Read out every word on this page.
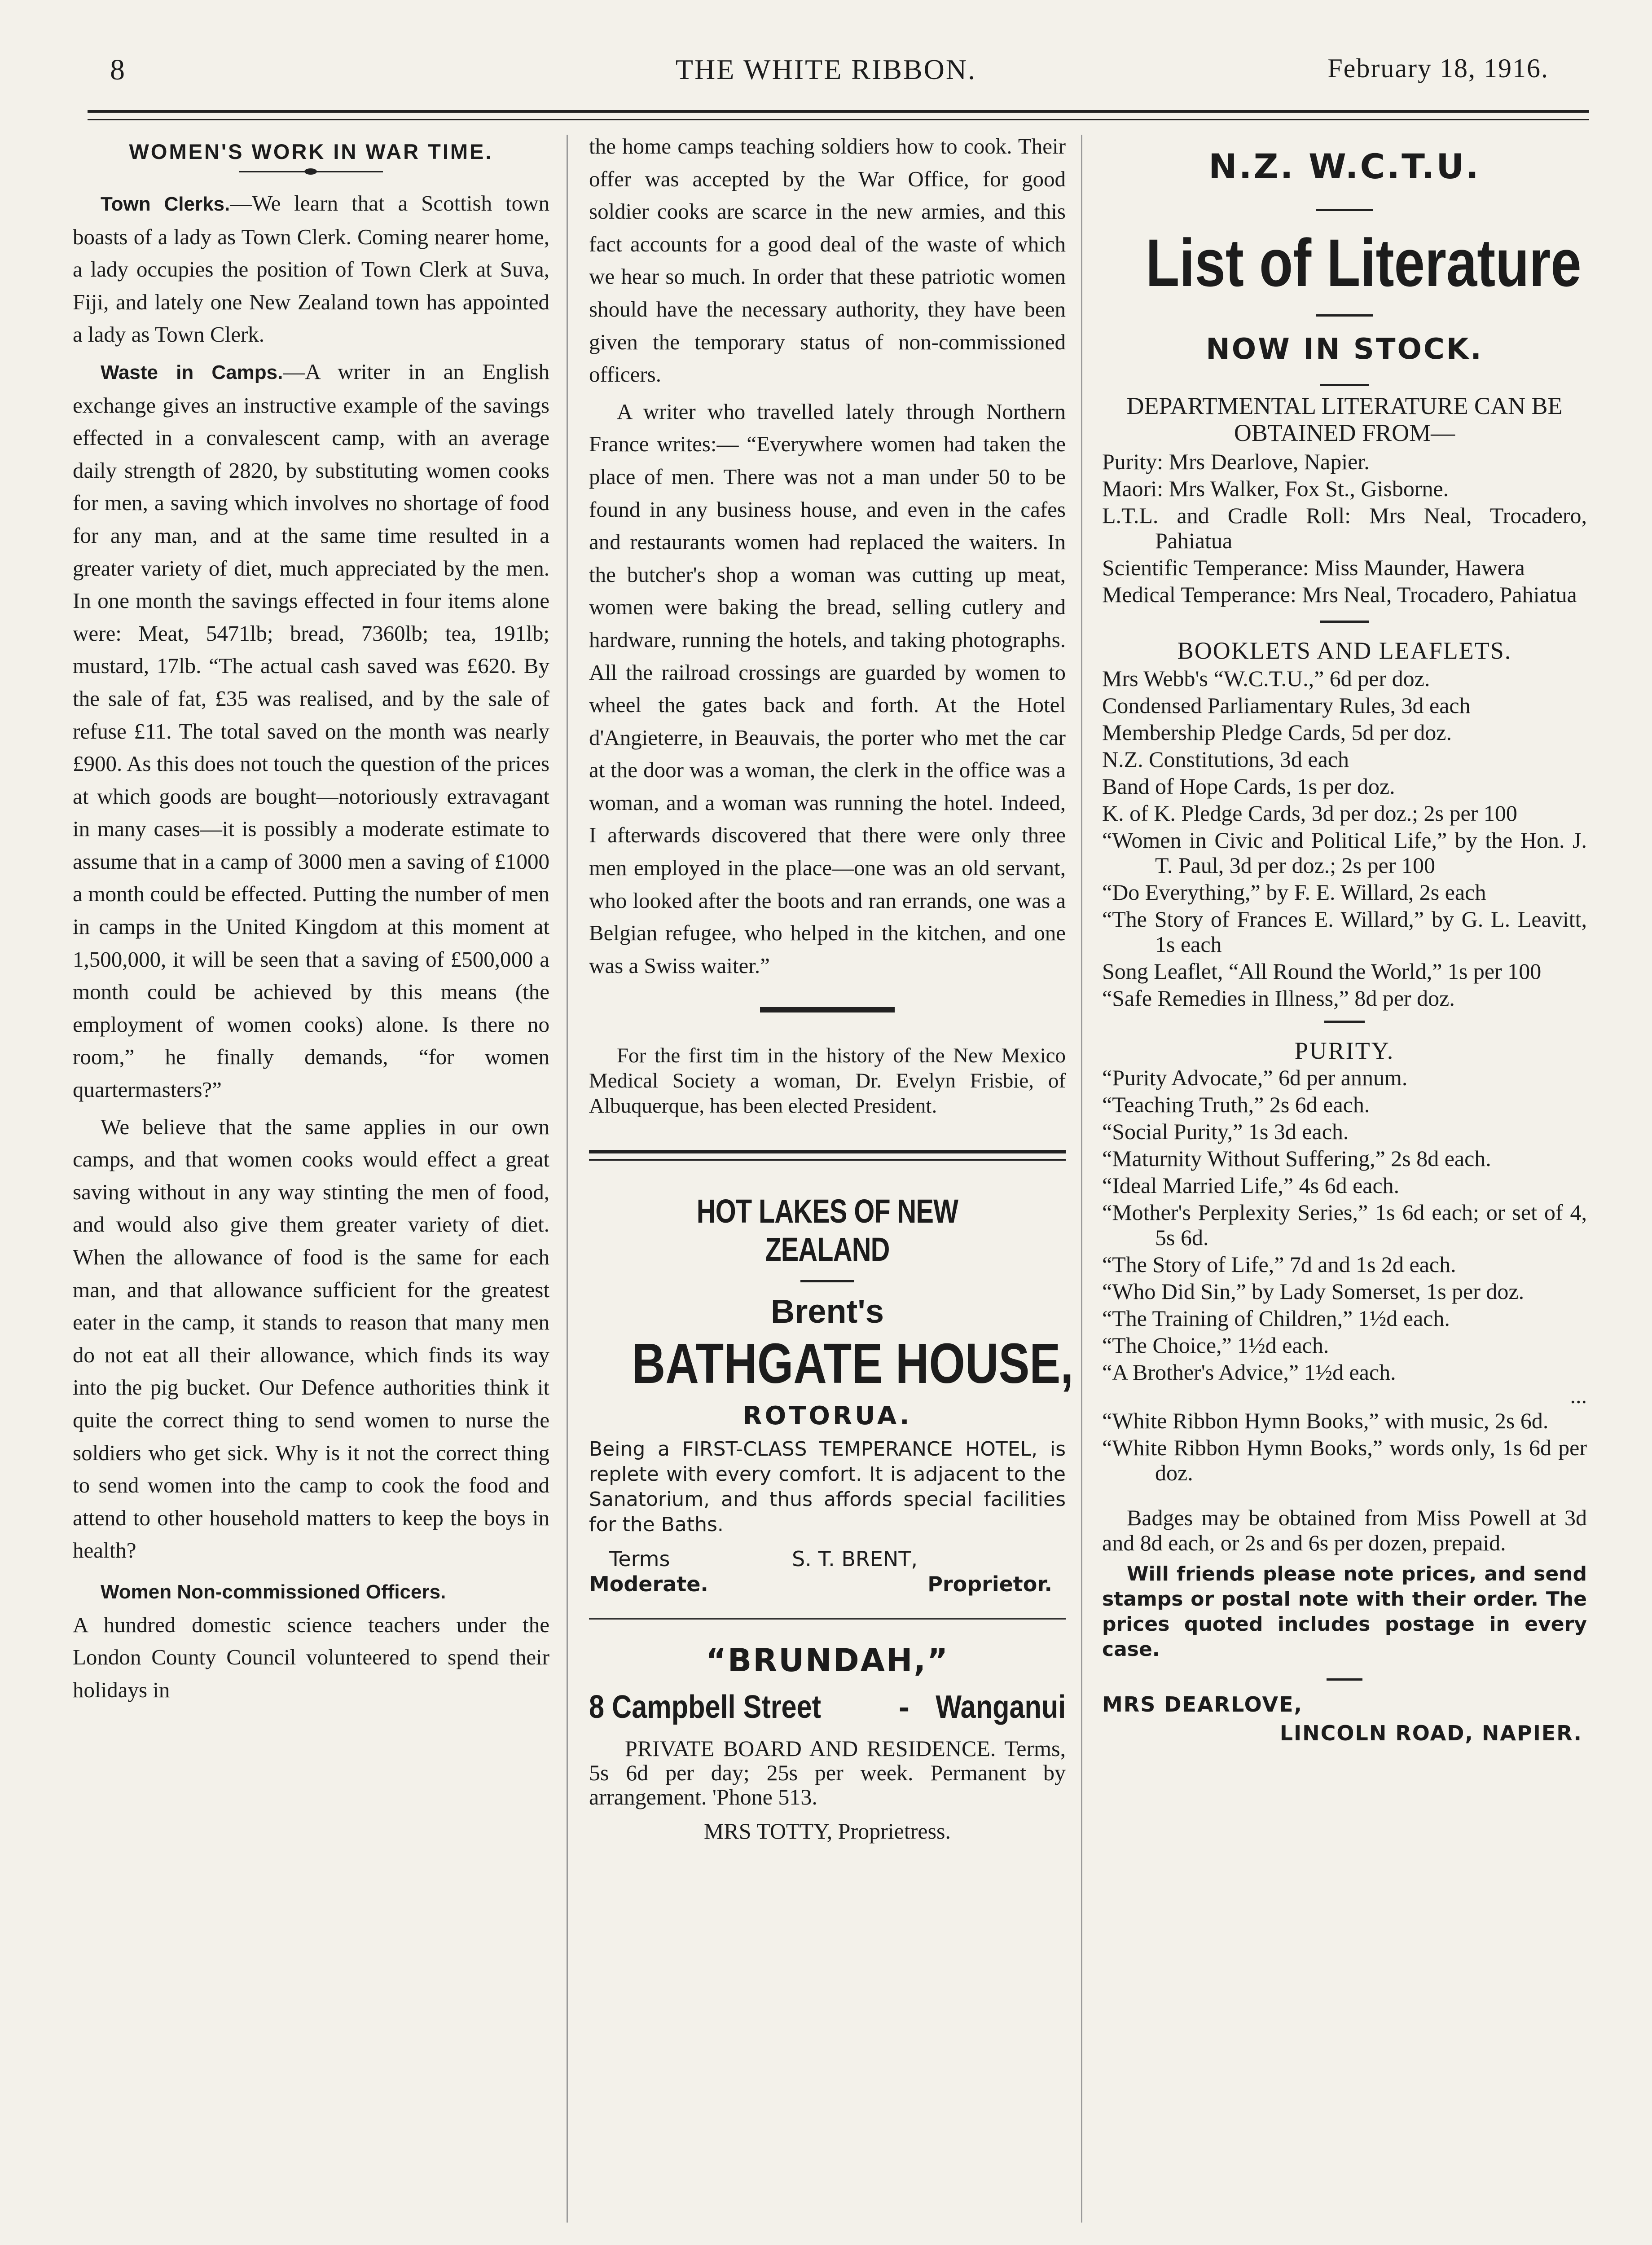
8	THE WHITE RIBBON.	February 18, 1916.
WOMEN'S WORK IN WAR TIME.

Town Clerks.—We learn that a Scottish town boasts of a lady as Town Clerk. Coming nearer home, a lady occupies the position of Town Clerk at Suva, Fiji, and lately one New Zealand town has appointed a lady as Town Clerk.

Waste in Camps.—A writer in an English exchange gives an instructive example of the savings effected in a convalescent camp, with an average daily strength of 2820, by substituting women cooks for men, a saving which involves no shortage of food for any man, and at the same time resulted in a greater variety of diet, much appreciated by the men. In one month the savings effected in four items alone were: Meat, 5471lb; bread, 7360lb; tea, 191lb; mustard, 17lb. “The actual cash saved was £620. By the sale of fat, £35 was realised, and by the sale of refuse £11. The total saved on the month was nearly £900. As this does not touch the question of the prices at which goods are bought—notoriously extravagant in many cases—it is possibly a moderate estimate to assume that in a camp of 3000 men a saving of £1000 a month could be effected. Putting the number of men in camps in the United Kingdom at this moment at 1,500,000, it will be seen that a saving of £500,000 a month could be achieved by this means (the employment of women cooks) alone. Is there no room,” he finally demands, “for women quartermasters?”

We believe that the same applies in our own camps, and that women cooks would effect a great saving without in any way stinting the men of food, and would also give them greater variety of diet. When the allowance of food is the same for each man, and that allowance sufficient for the greatest eater in the camp, it stands to reason that many men do not eat all their allowance, which finds its way into the pig bucket. Our Defence authorities think it quite the correct thing to send women to nurse the soldiers who get sick. Why is it not the correct thing to send women into the camp to cook the food and attend to other household matters to keep the boys in health?

Women Non-commissioned Officers.

A hundred domestic science teachers under the London County Council volunteered to spend their holidays in

the home camps teaching soldiers how to cook. Their offer was accepted by the War Office, for good soldier cooks are scarce in the new armies, and this fact accounts for a good deal of the waste of which we hear so much. In order that these patriotic women should have the necessary authority, they have been given the temporary status of non-commissioned officers.

A writer who travelled lately through Northern France writes:— “Everywhere women had taken the place of men. There was not a man under 50 to be found in any business house, and even in the cafes and restaurants women had replaced the waiters. In the butcher's shop a woman was cutting up meat, women were baking the bread, selling cutlery and hardware, running the hotels, and taking photographs. All the railroad crossings are guarded by women to wheel the gates back and forth. At the Hotel d'Angieterre, in Beauvais, the porter who met the car at the door was a woman, the clerk in the office was a woman, and a woman was running the hotel. Indeed, I afterwards discovered that there were only three men employed in the place—one was an old servant, who looked after the boots and ran errands, one was a Belgian refugee, who helped in the kitchen, and one was a Swiss waiter.”

For the first tim in the history of the New Mexico Medical Society a woman, Dr. Evelyn Frisbie, of Albuquerque, has been elected President.

HOT LAKES OF NEW ZEALAND
Brent's
BATHGATE HOUSE,
ROTORUA.

Being a FIRST-CLASS TEMPERANCE HOTEL, is replete with every comfort. It is adjacent to the Sanatorium, and thus affords special facilities for the Baths.

Terms
Moderate.
S. T. BRENT,
Proprietor.
“BRUNDAH,”
8 Campbell Street - Wanganui

PRIVATE BOARD AND RESIDENCE. Terms, 5s 6d per day; 25s per week. Permanent by arrangement. 'Phone 513.

MRS TOTTY, Proprietress.
N.Z. W.C.T.U.
List of Literature
NOW IN STOCK.

DEPARTMENTAL LITERATURE CAN BE OBTAINED FROM—

Purity: Mrs Dearlove, Napier.

Maori: Mrs Walker, Fox St., Gisborne.

L.T.L. and Cradle Roll: Mrs Neal, Trocadero, Pahiatua

Scientific Temperance: Miss Maunder, Hawera

Medical Temperance: Mrs Neal, Trocadero, Pahiatua

BOOKLETS AND LEAFLETS.

Mrs Webb's “W.C.T.U.,” 6d per doz.

Condensed Parliamentary Rules, 3d each

Membership Pledge Cards, 5d per doz.

N.Z. Constitutions, 3d each

Band of Hope Cards, 1s per doz.

K. of K. Pledge Cards, 3d per doz.; 2s per 100

“Women in Civic and Political Life,” by the Hon. J. T. Paul, 3d per doz.; 2s per 100

“Do Everything,” by F. E. Willard, 2s each

“The Story of Frances E. Willard,” by G. L. Leavitt, 1s each

Song Leaflet, “All Round the World,” 1s per 100

“Safe Remedies in Illness,” 8d per doz.

PURITY.

“Purity Advocate,” 6d per annum.

“Teaching Truth,” 2s 6d each.

“Social Purity,” 1s 3d each.

“Maturnity Without Suffering,” 2s 8d each.

“Ideal Married Life,” 4s 6d each.

“Mother's Perplexity Series,” 1s 6d each; or set of 4, 5s 6d.

“The Story of Life,” 7d and 1s 2d each.

“Who Did Sin,” by Lady Somerset, 1s per doz.

“The Training of Children,” 1½d each.

“The Choice,” 1½d each.

“A Brother's Advice,” 1½d each.

...

“White Ribbon Hymn Books,” with music, 2s 6d.

“White Ribbon Hymn Books,” words only, 1s 6d per doz.

Badges may be obtained from Miss Powell at 3d and 8d each, or 2s and 6s per dozen, prepaid.

Will friends please note prices, and send stamps or postal note with their order. The prices quoted includes postage in every case.

MRS DEARLOVE,
LINCOLN ROAD, NAPIER.
